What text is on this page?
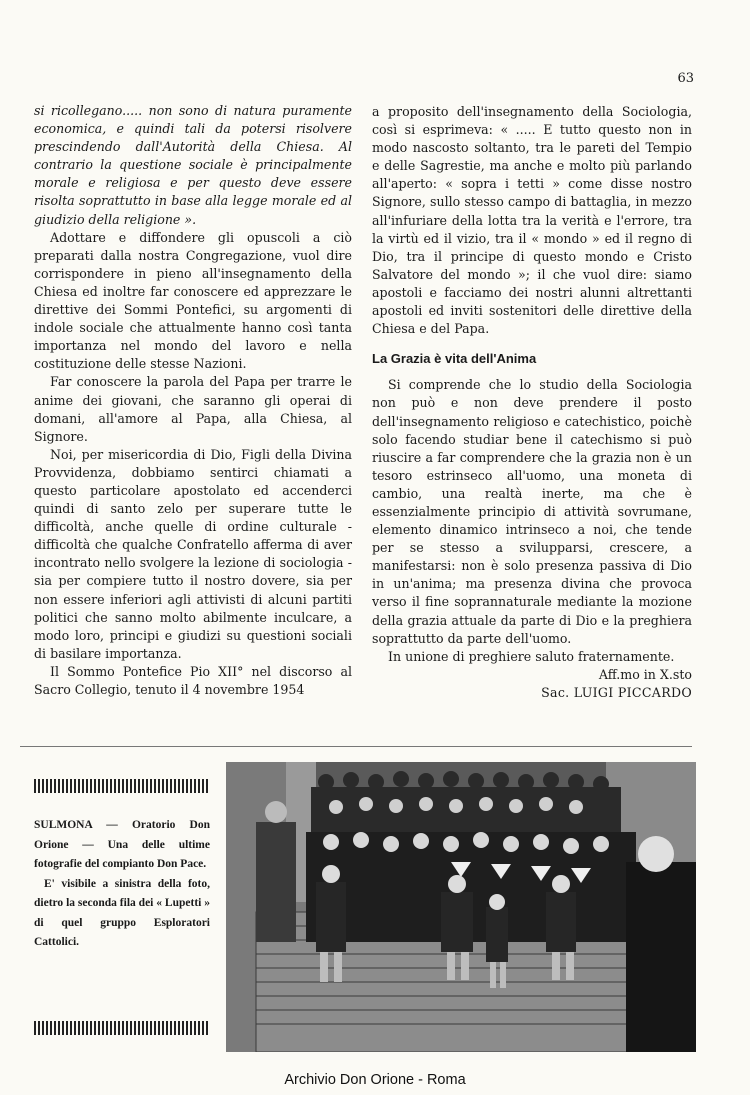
63

si ricollegano..... non sono di natura puramente economica, e quindi tali da potersi risolvere prescindendo dall'Autorità della Chiesa. Al contrario la questione sociale è principalmente morale e religiosa e per questo deve essere risolta soprattutto in base alla legge morale ed al giudizio della religione ».

Adottare e diffondere gli opuscoli a ciò preparati dalla nostra Congregazione, vuol dire corrispondere in pieno all'insegnamento della Chiesa ed inoltre far conoscere ed apprezzare le direttive dei Sommi Pontefici, su argomenti di indole sociale che attualmente hanno così tanta importanza nel mondo del lavoro e nella costituzione delle stesse Nazioni.

Far conoscere la parola del Papa per trarre le anime dei giovani, che saranno gli operai di domani, all'amore al Papa, alla Chiesa, al Signore.

Noi, per misericordia di Dio, Figli della Divina Provvidenza, dobbiamo sentirci chiamati a questo particolare apostolato ed accenderci quindi di santo zelo per superare tutte le difficoltà, anche quelle di ordine culturale - difficoltà che qualche Confratello afferma di aver incontrato nello svolgere la lezione di sociologia - sia per compiere tutto il nostro dovere, sia per non essere inferiori agli attivisti di alcuni partiti politici che sanno molto abilmente inculcare, a modo loro, principi e giudizi su questioni sociali di basilare importanza.

Il Sommo Pontefice Pio XII° nel discorso al Sacro Collegio, tenuto il 4 novembre 1954

a proposito dell'insegnamento della Sociologia, così si esprimeva: « ..... E tutto questo non in modo nascosto soltanto, tra le pareti del Tempio e delle Sagrestie, ma anche e molto più parlando all'aperto: « sopra i tetti » come disse nostro Signore, sullo stesso campo di battaglia, in mezzo all'infuriare della lotta tra la verità e l'errore, tra la virtù ed il vizio, tra il « mondo » ed il regno di Dio, tra il principe di questo mondo e Cristo Salvatore del mondo »; il che vuol dire: siamo apostoli e facciamo dei nostri alunni altrettanti apostoli ed inviti sostenitori delle direttive della Chiesa e del Papa.

La Grazia è vita dell'Anima

Si comprende che lo studio della Sociologia non può e non deve prendere il posto dell'insegnamento religioso e catechistico, poichè solo facendo studiar bene il catechismo si può riuscire a far comprendere che la grazia non è un tesoro estrinseco all'uomo, una moneta di cambio, una realtà inerte, ma che è essenzialmente principio di attività sovrumane, elemento dinamico intrinseco a noi, che tende per se stesso a svilupparsi, crescere, a manifestarsi: non è solo presenza passiva di Dio in un'anima; ma presenza divina che provoca verso il fine soprannaturale mediante la mozione della grazia attuale da parte di Dio e la preghiera soprattutto da parte dell'uomo.

In unione di preghiere saluto fraternamente.

Aff.mo in X.sto

Sac. LUIGI PICCARDO

SULMONA — Oratorio Don Orione — Una delle ultime fotografie del compianto Don Pace.

E' visibile a sinistra della foto, dietro la seconda fila dei « Lupetti » di quel gruppo Esploratori Cattolici.

Archivio Don Orione - Roma
